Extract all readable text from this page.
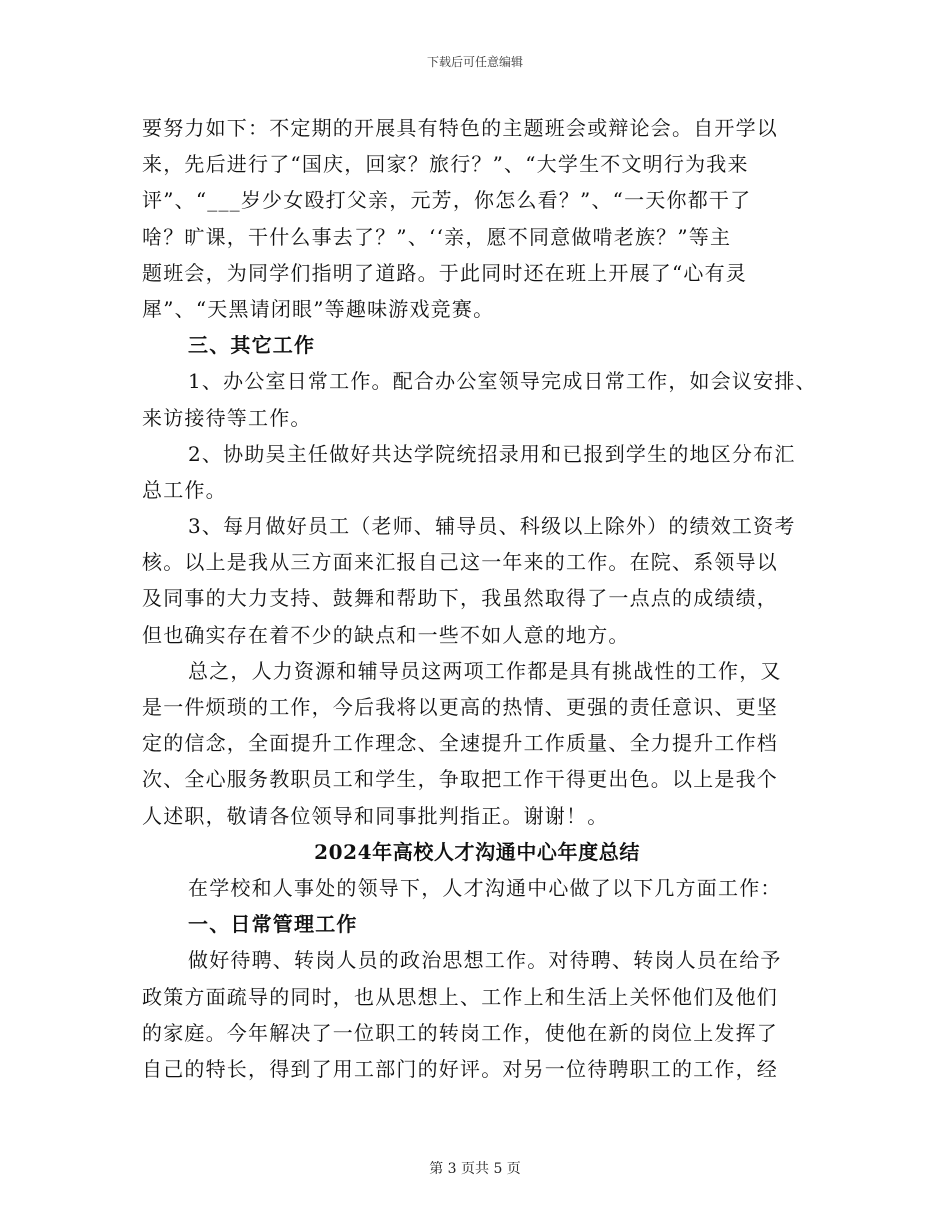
下载后可任意编辑
要努力如下：不定期的开展具有特色的主题班会或辩论会。自开学以
来，先后进行了“国庆，回家？旅行？”、“大学生不文明行为我来
评”、“___岁少女殴打父亲，元芳，你怎么看？”、“一天你都干了
啥？旷课，干什么事去了？”、‘‘亲，愿不同意做啃老族？”等主
题班会，为同学们指明了道路。于此同时还在班上开展了“心有灵
犀”、“天黑请闭眼”等趣味游戏竞赛。
三、其它工作
1、办公室日常工作。配合办公室领导完成日常工作，如会议安排、
来访接待等工作。
2、协助吴主任做好共达学院统招录用和已报到学生的地区分布汇
总工作。
3、每月做好员工（老师、辅导员、科级以上除外）的绩效工资考
核。以上是我从三方面来汇报自己这一年来的工作。在院、系领导以
及同事的大力支持、鼓舞和帮助下，我虽然取得了一点点的成绩绩，
但也确实存在着不少的缺点和一些不如人意的地方。
总之，人力资源和辅导员这两项工作都是具有挑战性的工作，又
是一件烦琐的工作，今后我将以更高的热情、更强的责任意识、更坚
定的信念，全面提升工作理念、全速提升工作质量、全力提升工作档
次、全心服务教职员工和学生，争取把工作干得更出色。以上是我个
人述职，敬请各位领导和同事批判指正。谢谢！。
2024年高校人才沟通中心年度总结
在学校和人事处的领导下，人才沟通中心做了以下几方面工作：
一、日常管理工作
做好待聘、转岗人员的政治思想工作。对待聘、转岗人员在给予
政策方面疏导的同时，也从思想上、工作上和生活上关怀他们及他们
的家庭。今年解决了一位职工的转岗工作，使他在新的岗位上发挥了
自己的特长，得到了用工部门的好评。对另一位待聘职工的工作，经
第 3 页共 5 页
